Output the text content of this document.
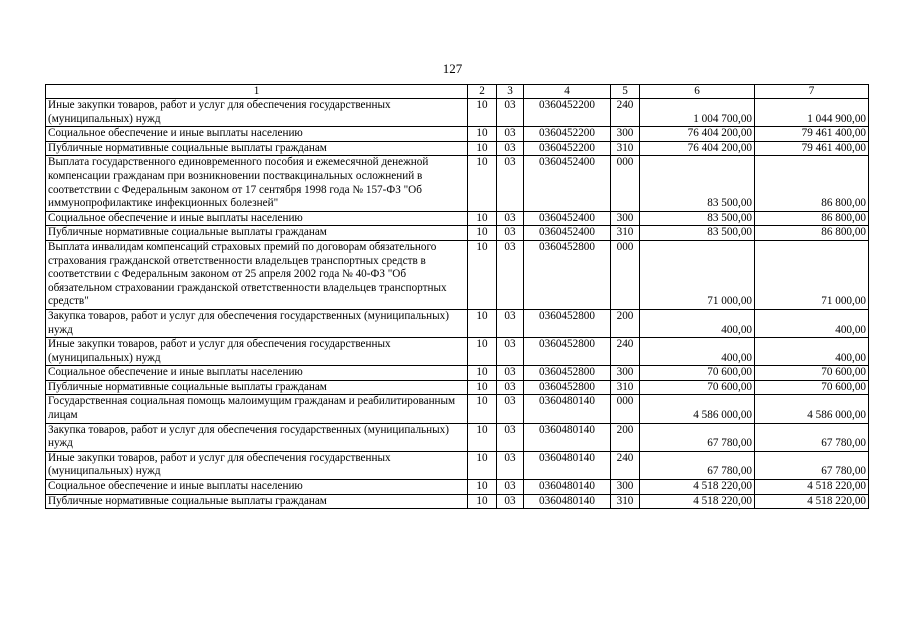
127
1	2	3	4	5	6	7
Иные закупки товаров, работ и услуг для обеспечения государственных (муниципальных) нужд	10	03	0360452200	240	1 004 700,00	1 044 900,00
Социальное обеспечение и иные выплаты населению	10	03	0360452200	300	76 404 200,00	79 461 400,00
Публичные нормативные социальные выплаты гражданам	10	03	0360452200	310	76 404 200,00	79 461 400,00
Выплата государственного единовременного пособия и ежемесячной денежной компенсации гражданам при возникновении поствакцинальных осложнений в соответствии с Федеральным законом от 17 сентября 1998 года № 157-ФЗ "Об иммунопрофилактике инфекционных болезней"	10	03	0360452400	000	83 500,00	86 800,00
Социальное обеспечение и иные выплаты населению	10	03	0360452400	300	83 500,00	86 800,00
Публичные нормативные социальные выплаты гражданам	10	03	0360452400	310	83 500,00	86 800,00
Выплата инвалидам компенсаций страховых премий по договорам обязательного страхования гражданской ответственности владельцев транспортных средств в соответствии с Федеральным законом от 25 апреля 2002 года № 40-ФЗ "Об обязательном страховании гражданской ответственности владельцев транспортных средств"	10	03	0360452800	000	71 000,00	71 000,00
Закупка товаров, работ и услуг для обеспечения государственных (муниципальных) нужд	10	03	0360452800	200	400,00	400,00
Иные закупки товаров, работ и услуг для обеспечения государственных (муниципальных) нужд	10	03	0360452800	240	400,00	400,00
Социальное обеспечение и иные выплаты населению	10	03	0360452800	300	70 600,00	70 600,00
Публичные нормативные социальные выплаты гражданам	10	03	0360452800	310	70 600,00	70 600,00
Государственная социальная помощь малоимущим гражданам и реабилитированным лицам	10	03	0360480140	000	4 586 000,00	4 586 000,00
Закупка товаров, работ и услуг для обеспечения государственных (муниципальных) нужд	10	03	0360480140	200	67 780,00	67 780,00
Иные закупки товаров, работ и услуг для обеспечения государственных (муниципальных) нужд	10	03	0360480140	240	67 780,00	67 780,00
Социальное обеспечение и иные выплаты населению	10	03	0360480140	300	4 518 220,00	4 518 220,00
Публичные нормативные социальные выплаты гражданам	10	03	0360480140	310	4 518 220,00	4 518 220,00
